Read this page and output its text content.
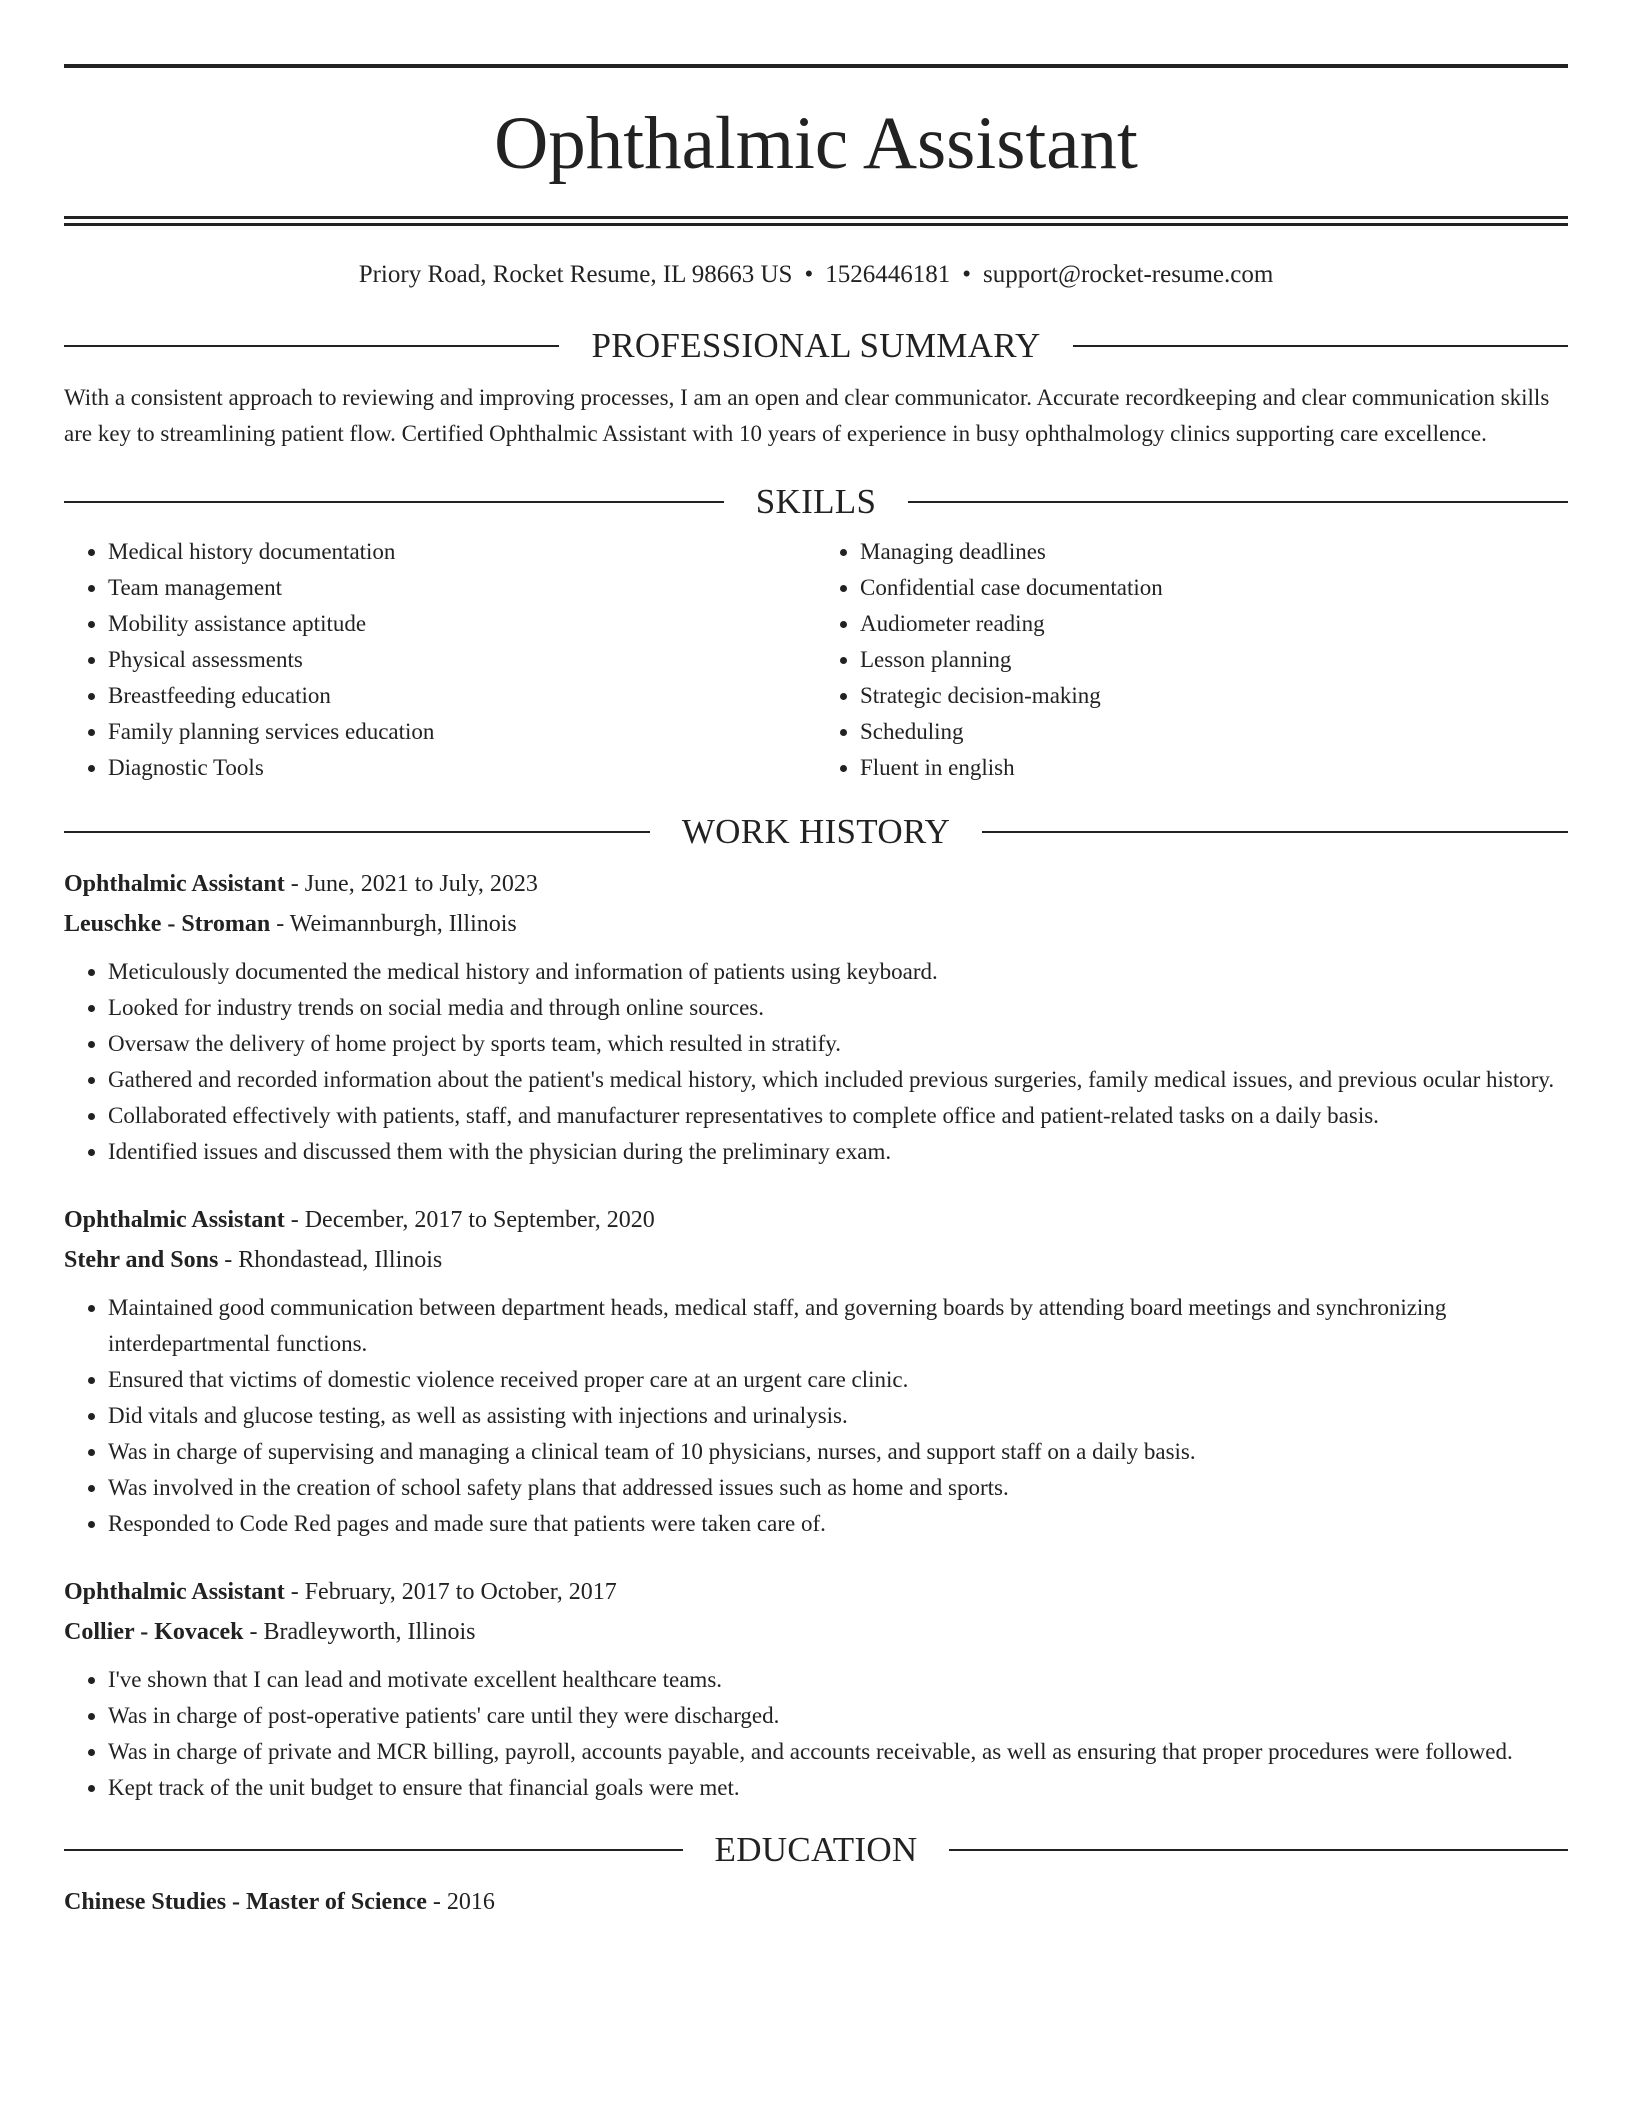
Ophthalmic Assistant
Priory Road, Rocket Resume, IL 98663 US • 1526446181 • support@rocket-resume.com
PROFESSIONAL SUMMARY
With a consistent approach to reviewing and improving processes, I am an open and clear communicator. Accurate recordkeeping and clear communication skills are key to streamlining patient flow. Certified Ophthalmic Assistant with 10 years of experience in busy ophthalmology clinics supporting care excellence.
SKILLS
• Medical history documentation
• Team management
• Mobility assistance aptitude
• Physical assessments
• Breastfeeding education
• Family planning services education
• Diagnostic Tools
• Managing deadlines
• Confidential case documentation
• Audiometer reading
• Lesson planning
• Strategic decision-making
• Scheduling
• Fluent in english
WORK HISTORY
Ophthalmic Assistant - June, 2021 to July, 2023
Leuschke - Stroman - Weimannburgh, Illinois
• Meticulously documented the medical history and information of patients using keyboard.
• Looked for industry trends on social media and through online sources.
• Oversaw the delivery of home project by sports team, which resulted in stratify.
• Gathered and recorded information about the patient's medical history, which included previous surgeries, family medical issues, and previous ocular history.
• Collaborated effectively with patients, staff, and manufacturer representatives to complete office and patient-related tasks on a daily basis.
• Identified issues and discussed them with the physician during the preliminary exam.
Ophthalmic Assistant - December, 2017 to September, 2020
Stehr and Sons - Rhondastead, Illinois
• Maintained good communication between department heads, medical staff, and governing boards by attending board meetings and synchronizing interdepartmental functions.
• Ensured that victims of domestic violence received proper care at an urgent care clinic.
• Did vitals and glucose testing, as well as assisting with injections and urinalysis.
• Was in charge of supervising and managing a clinical team of 10 physicians, nurses, and support staff on a daily basis.
• Was involved in the creation of school safety plans that addressed issues such as home and sports.
• Responded to Code Red pages and made sure that patients were taken care of.
Ophthalmic Assistant - February, 2017 to October, 2017
Collier - Kovacek - Bradleyworth, Illinois
• I've shown that I can lead and motivate excellent healthcare teams.
• Was in charge of post-operative patients' care until they were discharged.
• Was in charge of private and MCR billing, payroll, accounts payable, and accounts receivable, as well as ensuring that proper procedures were followed.
• Kept track of the unit budget to ensure that financial goals were met.
EDUCATION
Chinese Studies - Master of Science - 2016
